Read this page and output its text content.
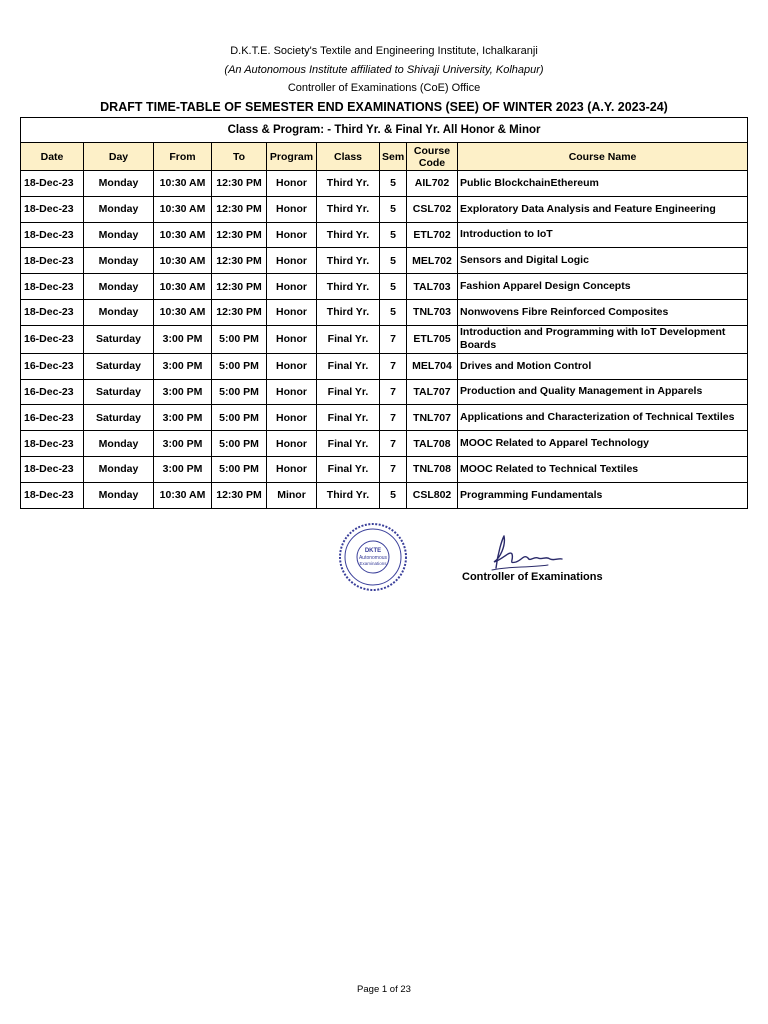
D.K.T.E. Society's Textile and Engineering Institute, Ichalkaranji
(An Autonomous Institute affiliated to Shivaji University, Kolhapur)
Controller of Examinations (CoE) Office
DRAFT TIME-TABLE OF SEMESTER END EXAMINATIONS (SEE) OF WINTER 2023 (A.Y. 2023-24)
Class & Program: - Third Yr. & Final Yr. All Honor & Minor								
Date	Day	From	To	Program	Class	Sem	Course Code	Course Name
18-Dec-23	Monday	10:30 AM	12:30 PM	Honor	Third Yr.	5	AIL702	Public BlockchainEthereum
18-Dec-23	Monday	10:30 AM	12:30 PM	Honor	Third Yr.	5	CSL702	Exploratory Data Analysis and Feature Engineering
18-Dec-23	Monday	10:30 AM	12:30 PM	Honor	Third Yr.	5	ETL702	Introduction to IoT
18-Dec-23	Monday	10:30 AM	12:30 PM	Honor	Third Yr.	5	MEL702	Sensors and Digital Logic
18-Dec-23	Monday	10:30 AM	12:30 PM	Honor	Third Yr.	5	TAL703	Fashion Apparel Design Concepts
18-Dec-23	Monday	10:30 AM	12:30 PM	Honor	Third Yr.	5	TNL703	Nonwovens Fibre Reinforced Composites
16-Dec-23	Saturday	3:00 PM	5:00 PM	Honor	Final Yr.	7	ETL705	Introduction and Programming with IoT Development Boards
16-Dec-23	Saturday	3:00 PM	5:00 PM	Honor	Final Yr.	7	MEL704	Drives and Motion Control
16-Dec-23	Saturday	3:00 PM	5:00 PM	Honor	Final Yr.	7	TAL707	Production and Quality Management in Apparels
16-Dec-23	Saturday	3:00 PM	5:00 PM	Honor	Final Yr.	7	TNL707	Applications and Characterization of Technical Textiles
18-Dec-23	Monday	3:00 PM	5:00 PM	Honor	Final Yr.	7	TAL708	MOOC Related to Apparel Technology
18-Dec-23	Monday	3:00 PM	5:00 PM	Honor	Final Yr.	7	TNL708	MOOC Related to Technical Textiles
18-Dec-23	Monday	10:30 AM	12:30 PM	Minor	Third Yr.	5	CSL802	Programming Fundamentals
DKTE
Autonomous
Examinations
Controller of Examinations
Page 1 of 23
